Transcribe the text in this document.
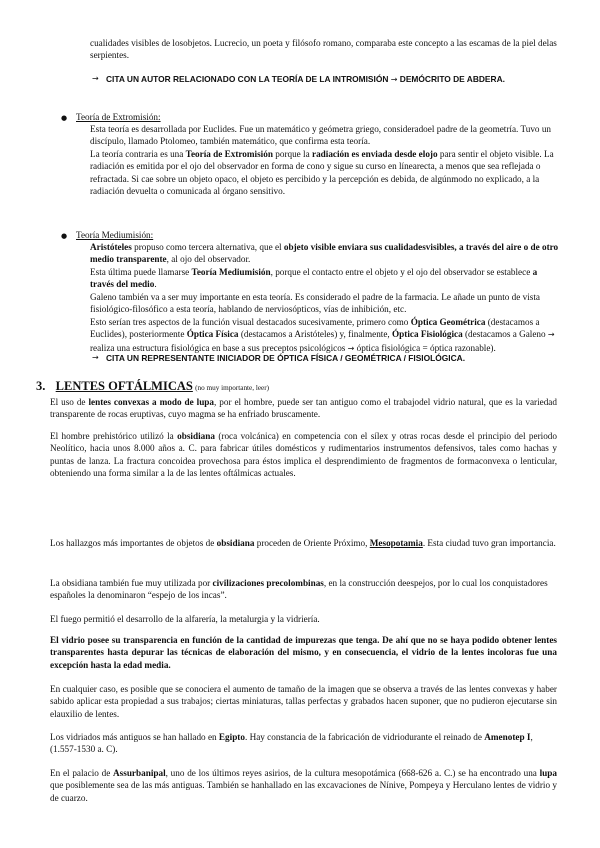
cualidades visibles de losobjetos. Lucrecio, un poeta y filósofo romano, comparaba este concepto a las escamas de la piel delas serpientes.

→ CITA UN AUTOR RELACIONADO CON LA TEORÍA DE LA INTROMISIÓN → DEMÓCRITO DE ABDERA.

● Teoría de Extromisión:

Esta teoría es desarrollada por Euclides. Fue un matemático y geómetra griego, consideradoel padre de la geometría. Tuvo un discípulo, llamado Ptolomeo, también matemático, que confirma esta teoría.

La teoría contraria es una Teoría de Extromisión porque la radiación es enviada desde elojo para sentir el objeto visible. La radiación es emitida por el ojo del observador en forma de cono y sigue su curso en línearecta, a menos que sea reflejada o refractada. Si cae sobre un objeto opaco, el objeto es percibido y la percepción es debida, de algúnmodo no explicado, a la radiación devuelta o comunicada al órgano sensitivo.

● Teoría Mediumisión:

Aristóteles propuso como tercera alternativa, que el objeto visible enviara sus cualidadesvisibles, a través del aire o de otro medio transparente, al ojo del observador.

Esta última puede llamarse Teoría Mediumisión, porque el contacto entre el objeto y el ojo del observador se establece a través del medio.

Galeno también va a ser muy importante en esta teoría. Es considerado el padre de la farmacia. Le añade un punto de vista fisiológico-filosófico a esta teoría, hablando de nerviosópticos, vías de inhibición, etc.

Esto serían tres aspectos de la función visual destacados sucesivamente, primero como Óptica Geométrica (destacamos a Euclides), posteriormente Óptica Física (destacamos a Aristóteles) y, finalmente, Óptica Fisiológica (destacamos a Galeno → realiza una estructura fisiológica en base a sus preceptos psicológicos → óptica fisiológica = óptica razonable).

→ CITA UN REPRESENTANTE INICIADOR DE ÓPTICA FÍSICA / GEOMÉTRICA / FISIOLÓGICA.

3. LENTES OFTÁLMICAS (no muy importante, leer)

El uso de lentes convexas a modo de lupa, por el hombre, puede ser tan antiguo como el trabajodel vidrio natural, que es la variedad transparente de rocas eruptivas, cuyo magma se ha enfriado bruscamente.

El hombre prehistórico utilizó la obsidiana (roca volcánica) en competencia con el sílex y otras rocas desde el principio del periodo Neolítico, hacia unos 8.000 años a. C. para fabricar útiles domésticos y rudimentarios instrumentos defensivos, tales como hachas y puntas de lanza. La fractura concoidea provechosa para éstos implica el desprendimiento de fragmentos de formaconvexa o lenticular, obteniendo una forma similar a la de las lentes oftálmicas actuales.

Los hallazgos más importantes de objetos de obsidiana proceden de Oriente Próximo, Mesopotamia. Esta ciudad tuvo gran importancia.

La obsidiana también fue muy utilizada por civilizaciones precolombinas, en la construcción deespejos, por lo cual los conquistadores españoles la denominaron “espejo de los incas”.

El fuego permitió el desarrollo de la alfarería, la metalurgia y la vidriería.

El vidrio posee su transparencia en función de la cantidad de impurezas que tenga. De ahí que no se haya podido obtener lentes transparentes hasta depurar las técnicas de elaboración del mismo, y en consecuencia, el vidrio de la lentes incoloras fue una excepción hasta la edad media.

En cualquier caso, es posible que se conociera el aumento de tamaño de la imagen que se observa a través de las lentes convexas y haber sabido aplicar esta propiedad a sus trabajos; ciertas miniaturas, tallas perfectas y grabados hacen suponer, que no pudieron ejecutarse sin elauxilio de lentes.

Los vidriados más antiguos se han hallado en Egipto. Hay constancia de la fabricación de vidriodurante el reinado de Amenotep I, (1.557-1530 a. C).

En el palacio de Assurbanipal, uno de los últimos reyes asirios, de la cultura mesopotámica (668-626 a. C.) se ha encontrado una lupa que posiblemente sea de las más antiguas. También se hanhallado en las excavaciones de Nínive, Pompeya y Herculano lentes de vidrio y de cuarzo.
